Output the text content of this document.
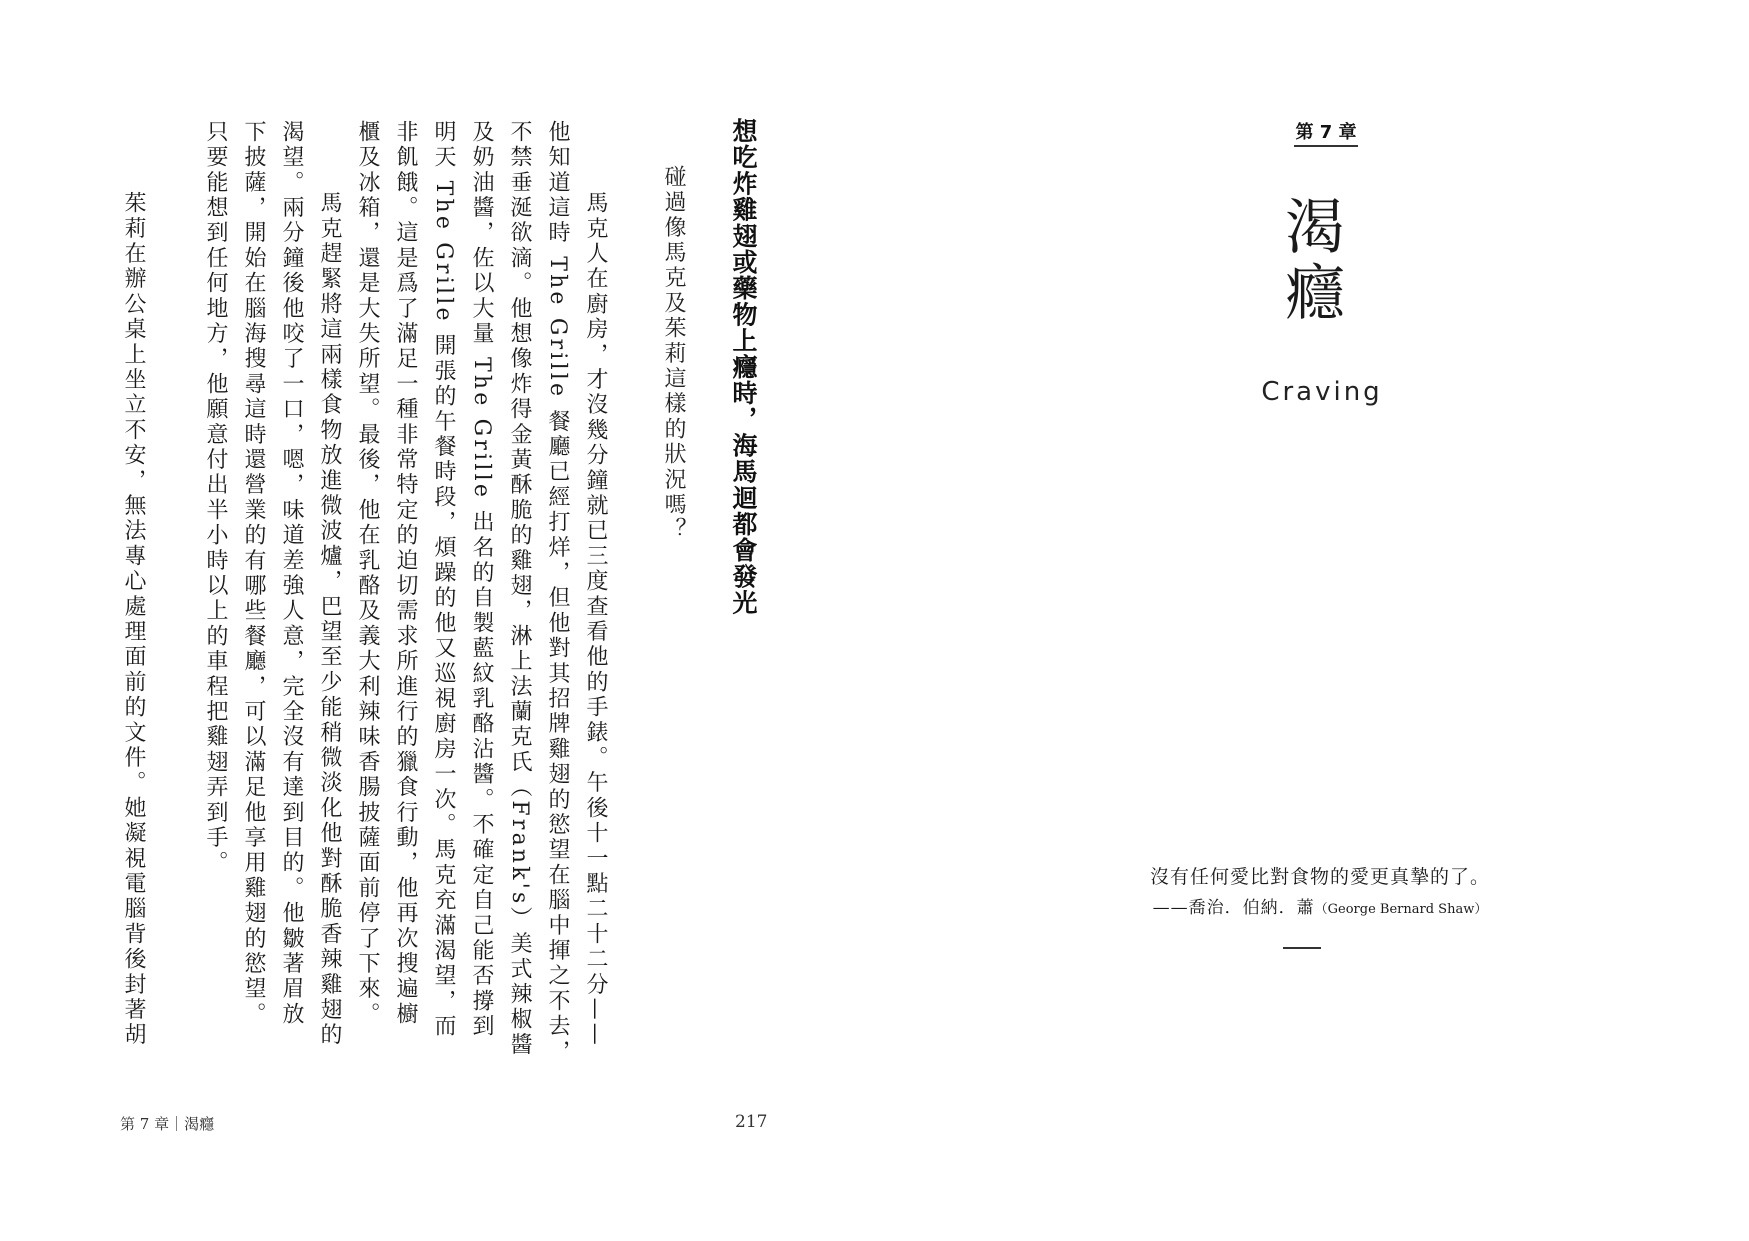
想吃炸雞翅或藥物上癮時，海馬迴都會發光
碰過像馬克及茱莉這樣的狀況嗎？
　馬克人在廚房，才沒幾分鐘就已三度查看他的手錶。午後十一點二十二分——
他知道這時 The Grille 餐廳已經打烊，但他對其招牌雞翅的慾望在腦中揮之不去，
不禁垂涎欲滴。他想像炸得金黃酥脆的雞翅，淋上法蘭克氏（Frank's）美式辣椒醬
及奶油醬，佐以大量 The Grille 出名的自製藍紋乳酪沾醬。不確定自己能否撐到
明天 The Grille 開張的午餐時段，煩躁的他又巡視廚房一次。馬克充滿渴望，而
非飢餓。這是爲了滿足一種非常特定的迫切需求所進行的獵食行動，他再次搜遍櫥
櫃及冰箱，還是大失所望。最後，他在乳酪及義大利辣味香腸披薩面前停了下來。
　馬克趕緊將這兩樣食物放進微波爐，巴望至少能稍微淡化他對酥脆香辣雞翅的
渴望。兩分鐘後他咬了一口，嗯，味道差強人意，完全沒有達到目的。他皺著眉放
下披薩，開始在腦海搜尋這時還營業的有哪些餐廳，可以滿足他享用雞翅的慾望。
只要能想到任何地方，他願意付出半小時以上的車程把雞翅弄到手。
　茱莉在辦公桌上坐立不安，無法專心處理面前的文件。她凝視電腦背後封著胡
第 7 章｜渴癮	217
第 7 章
渴癮
Craving
沒有任何愛比對食物的愛更真摯的了。
——喬治．伯納．蕭（George Bernard Shaw）
